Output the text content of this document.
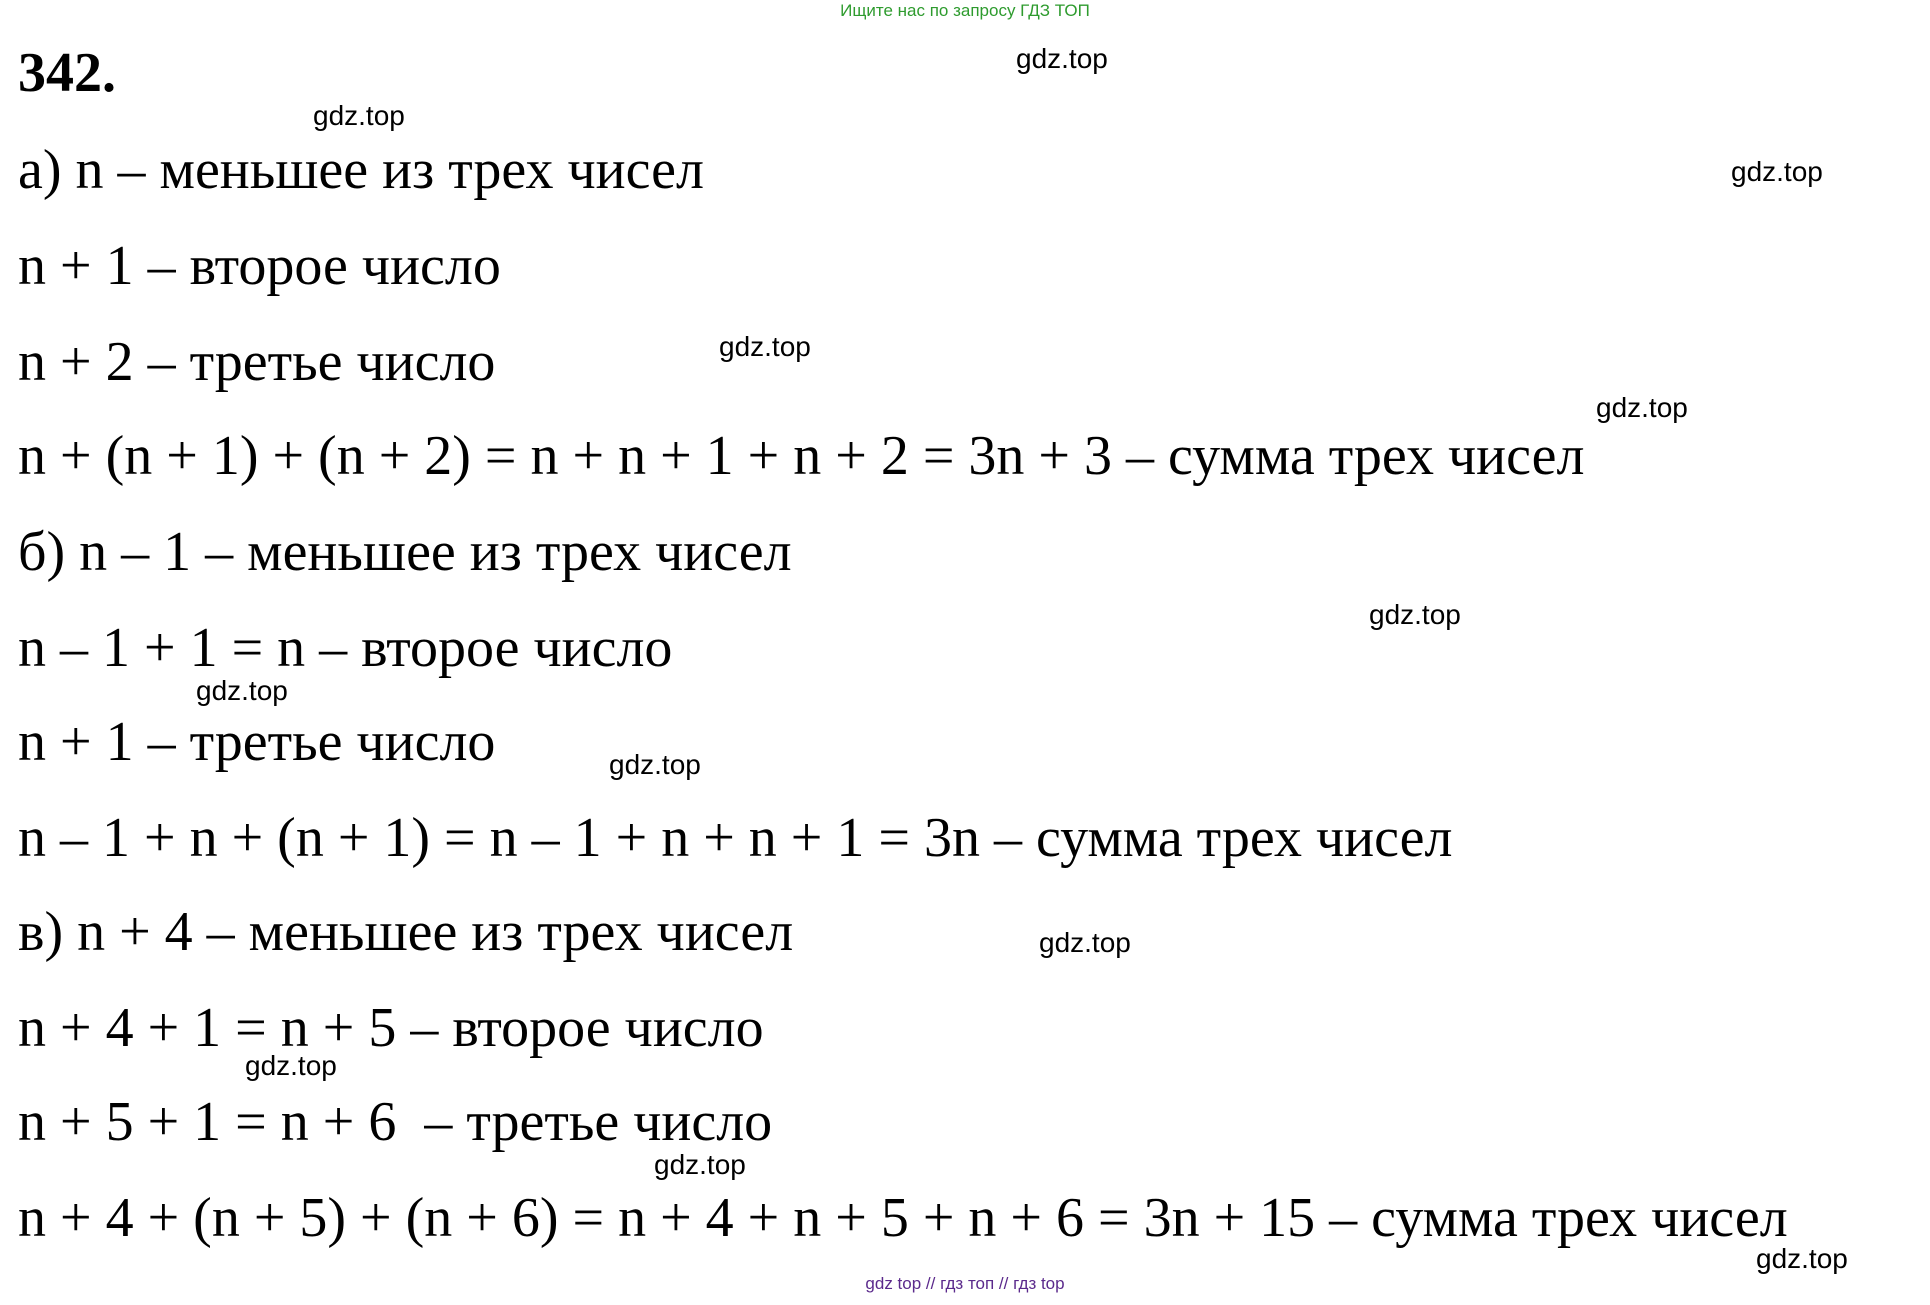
Ищите нас по запросу ГДЗ ТОП
342.
а) n – меньшее из трех чисел
n + 1 – второе число
n + 2 – третье число
n + (n + 1) + (n + 2) = n + n + 1 + n + 2 = 3n + 3 – сумма трех чисел
б) n – 1 – меньшее из трех чисел
n – 1 + 1 = n – второе число
n + 1 – третье число
n – 1 + n + (n + 1) = n – 1 + n + n + 1 = 3n – сумма трех чисел
в) n + 4 – меньшее из трех чисел
n + 4 + 1 = n + 5 – второе число
n + 5 + 1 = n + 6  – третье число
n + 4 + (n + 5) + (n + 6) = n + 4 + n + 5 + n + 6 = 3n + 15 – сумма трех чисел
gdz.top
gdz.top
gdz.top
gdz.top
gdz.top
gdz.top
gdz.top
gdz.top
gdz.top
gdz.top
gdz.top
gdz.top
gdz top // гдз топ // гдз top
